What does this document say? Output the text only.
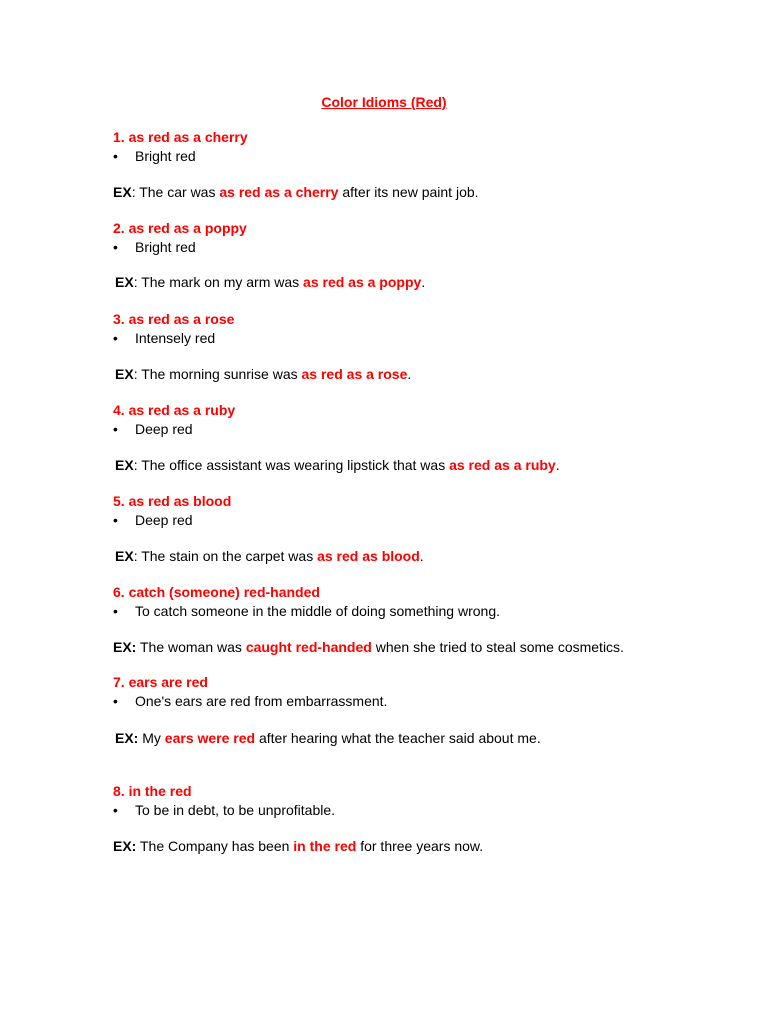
Color Idioms (Red)
1. as red as a cherry
• Bright red
EX: The car was as red as a cherry after its new paint job.
2. as red as a poppy
• Bright red
EX: The mark on my arm was as red as a poppy.
3. as red as a rose
• Intensely red
EX: The morning sunrise was as red as a rose.
4. as red as a ruby
• Deep red
EX: The office assistant was wearing lipstick that was as red as a ruby.
5. as red as blood
• Deep red
EX: The stain on the carpet was as red as blood.
6. catch (someone) red-handed
• To catch someone in the middle of doing something wrong.
EX: The woman was caught red-handed when she tried to steal some cosmetics.
7. ears are red
• One's ears are red from embarrassment.
EX: My ears were red after hearing what the teacher said about me.
8. in the red
• To be in debt, to be unprofitable.
EX: The Company has been in the red for three years now.
